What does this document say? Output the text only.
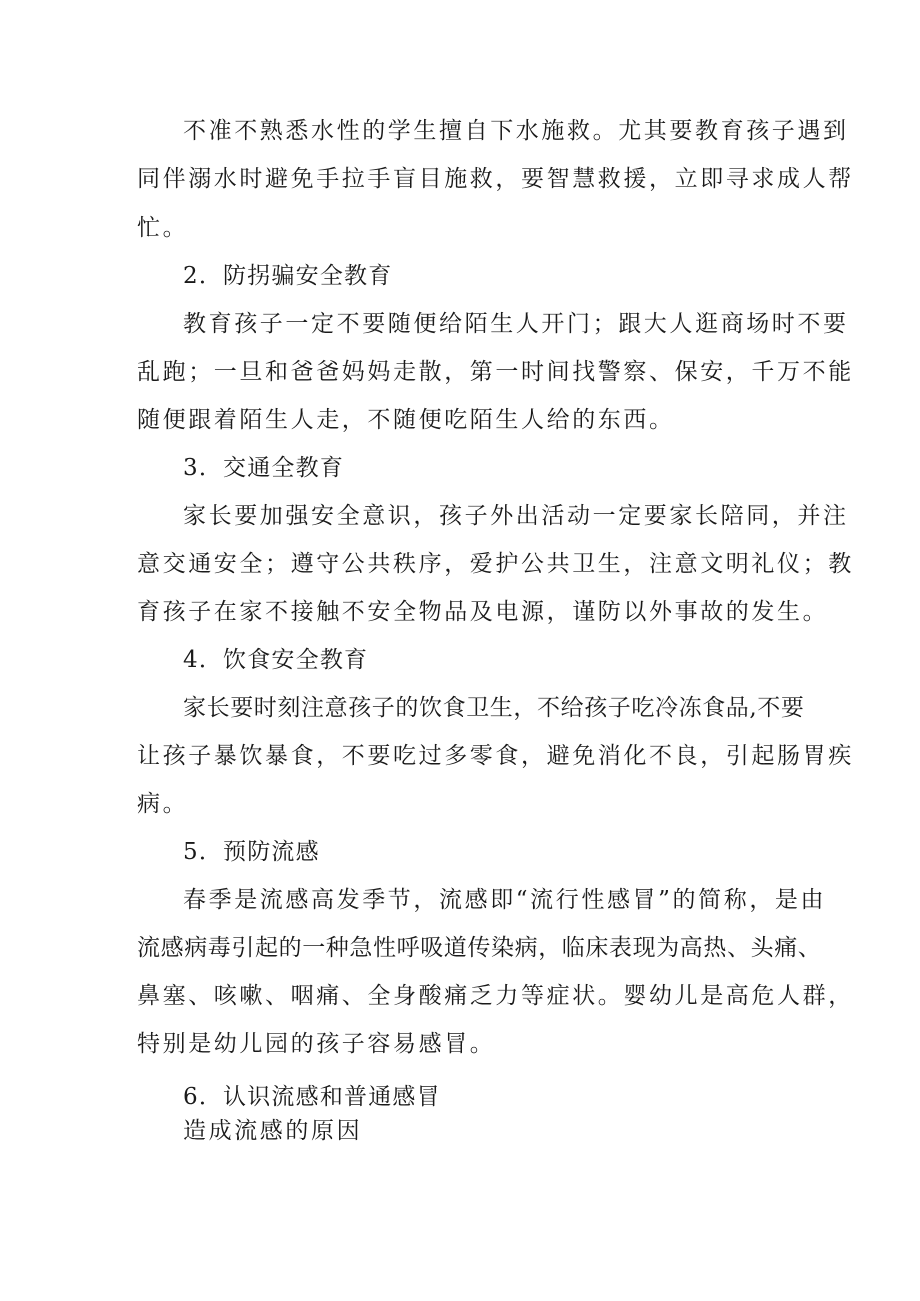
不准不熟悉水性的学生擅自下水施救。尤其要教育孩子遇到
同伴溺水时避免手拉手盲目施救，要智慧救援，立即寻求成人帮
忙。
2．防拐骗安全教育
教育孩子一定不要随便给陌生人开门；跟大人逛商场时不要
乱跑；一旦和爸爸妈妈走散，第一时间找警察、保安，千万不能
随便跟着陌生人走，不随便吃陌生人给的东西。
3．交通全教育
家长要加强安全意识，孩子外出活动一定要家长陪同，并注
意交通安全；遵守公共秩序，爱护公共卫生，注意文明礼仪；教
育孩子在家不接触不安全物品及电源，谨防以外事故的发生。
4．饮食安全教育
家长要时刻注意孩子的饮食卫生，不给孩子吃冷冻食品,不要
让孩子暴饮暴食，不要吃过多零食，避免消化不良，引起肠胃疾
病。
5．预防流感
春季是流感高发季节，流感即“流行性感冒”的简称，是由
流感病毒引起的一种急性呼吸道传染病，临床表现为高热、头痛、
鼻塞、咳嗽、咽痛、全身酸痛乏力等症状。婴幼儿是高危人群，
特别是幼儿园的孩子容易感冒。
6．认识流感和普通感冒
造成流感的原因
